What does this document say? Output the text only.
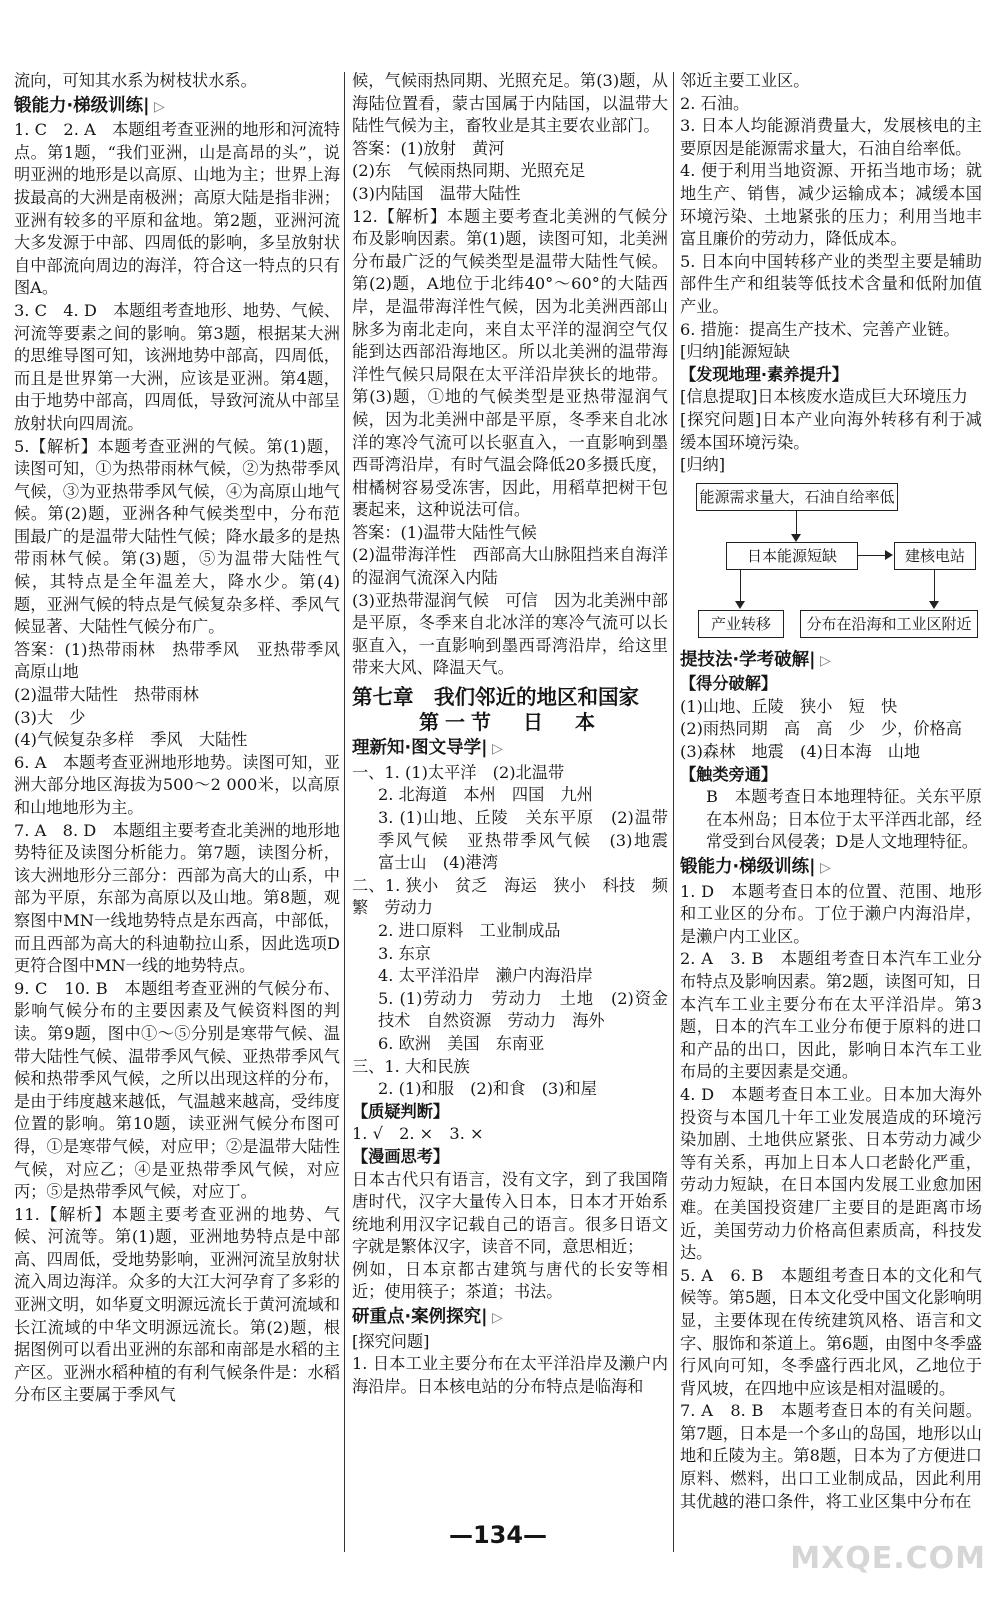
流向，可知其水系为树枝状水系。
锻能力·梯级训练| ▷
1. C　2. A　本题组考查亚洲的地形和河流特点。第1题，“我们亚洲，山是高昂的头”，说明亚洲的地形是以高原、山地为主；世界上海拔最高的大洲是南极洲；高原大陆是指非洲；亚洲有较多的平原和盆地。第2题，亚洲河流大多发源于中部、四周低的影响，多呈放射状自中部流向周边的海洋，符合这一特点的只有图A。
3. C　4. D　本题组考查地形、地势、气候、河流等要素之间的影响。第3题，根据某大洲的思维导图可知，该洲地势中部高，四周低，而且是世界第一大洲，应该是亚洲。第4题，由于地势中部高，四周低，导致河流从中部呈放射状向四周流。
5.【解析】本题考查亚洲的气候。第(1)题，读图可知，①为热带雨林气候，②为热带季风气候，③为亚热带季风气候，④为高原山地气候。第(2)题，亚洲各种气候类型中，分布范围最广的是温带大陆性气候；降水最多的是热带雨林气候。第(3)题，⑤为温带大陆性气候，其特点是全年温差大，降水少。第(4)题，亚洲气候的特点是气候复杂多样、季风气候显著、大陆性气候分布广。
答案：(1)热带雨林　热带季风　亚热带季风　高原山地
(2)温带大陆性　热带雨林
(3)大　少
(4)气候复杂多样　季风　大陆性
6. A　本题考查亚洲地形地势。读图可知，亚洲大部分地区海拔为500～2 000米，以高原和山地地形为主。
7. A　8. D　本题组主要考查北美洲的地形地势特征及读图分析能力。第7题，读图分析，该大洲地形分三部分：西部为高大的山系，中部为平原，东部为高原以及山地。第8题，观察图中MN一线地势特点是东西高，中部低，而且西部为高大的科迪勒拉山系，因此选项D更符合图中MN一线的地势特点。
9. C　10. B　本题组考查亚洲的气候分布、影响气候分布的主要因素及气候资料图的判读。第9题，图中①～⑤分别是寒带气候、温带大陆性气候、温带季风气候、亚热带季风气候和热带季风气候，之所以出现这样的分布，是由于纬度越来越低，气温越来越高，受纬度位置的影响。第10题，读亚洲气候分布图可得，①是寒带气候，对应甲；②是温带大陆性气候，对应乙；④是亚热带季风气候，对应丙；⑤是热带季风气候，对应丁。
11.【解析】本题主要考查亚洲的地势、气候、河流等。第(1)题，亚洲地势特点是中部高、四周低，受地势影响，亚洲河流呈放射状流入周边海洋。众多的大江大河孕育了多彩的亚洲文明，如华夏文明源远流长于黄河流域和长江流域的中华文明源远流长。第(2)题，根据图例可以看出亚洲的东部和南部是水稻的主产区。亚洲水稻种植的有利气候条件是：水稻分布区主要属于季风气
候，气候雨热同期、光照充足。第(3)题，从海陆位置看，蒙古国属于内陆国，以温带大陆性气候为主，畜牧业是其主要农业部门。
答案：(1)放射　黄河
(2)东　气候雨热同期、光照充足
(3)内陆国　温带大陆性
12.【解析】本题主要考查北美洲的气候分布及影响因素。第(1)题，读图可知，北美洲分布最广泛的气候类型是温带大陆性气候。第(2)题，A地位于北纬40°～60°的大陆西岸，是温带海洋性气候，因为北美洲西部山脉多为南北走向，来自太平洋的湿润空气仅能到达西部沿海地区。所以北美洲的温带海洋性气候只局限在太平洋沿岸狭长的地带。第(3)题，①地的气候类型是亚热带湿润气候，因为北美洲中部是平原，冬季来自北冰洋的寒冷气流可以长驱直入，一直影响到墨西哥湾沿岸，有时气温会降低20多摄氏度，柑橘树容易受冻害，因此，用稻草把树干包裹起来，这种说法可信。
答案：(1)温带大陆性气候
(2)温带海洋性　西部高大山脉阻挡来自海洋的湿润气流深入内陆
(3)亚热带湿润气候　可信　因为北美洲中部是平原，冬季来自北冰洋的寒冷气流可以长驱直入，一直影响到墨西哥湾沿岸，给这里带来大风、降温天气。
第七章　我们邻近的地区和国家
第一节　日　本
理新知·图文导学| ▷
一、1. (1)太平洋　(2)北温带
2. 北海道　本州　四国　九州
3. (1)山地、丘陵　关东平原　(2)温带季风气候　亚热带季风气候　(3)地震　富士山　(4)港湾
二、1. 狭小　贫乏　海运　狭小　科技　频繁　劳动力
2. 进口原料　工业制成品
3. 东京
4. 太平洋沿岸　濑户内海沿岸
5. (1)劳动力　劳动力　土地　(2)资金　技术　自然资源　劳动力　海外
6. 欧洲　美国　东南亚
三、1. 大和民族
2. (1)和服　(2)和食　(3)和屋
【质疑判断】
1. √　2. ×　3. ×
【漫画思考】
日本古代只有语言，没有文字，到了我国隋唐时代，汉字大量传入日本，日本才开始系统地利用汉字记载自己的语言。很多日语文字就是繁体汉字，读音不同，意思相近；
例如，日本京都古建筑与唐代的长安等相近；使用筷子；茶道；书法。
研重点·案例探究| ▷
[探究问题]
1. 日本工业主要分布在太平洋沿岸及濑户内海沿岸。日本核电站的分布特点是临海和
邻近主要工业区。
2. 石油。
3. 日本人均能源消费量大，发展核电的主要原因是能源需求量大，石油自给率低。
4. 便于利用当地资源、开拓当地市场；就地生产、销售，减少运输成本；减缓本国环境污染、土地紧张的压力；利用当地丰富且廉价的劳动力，降低成本。
5. 日本向中国转移产业的类型主要是辅助部件生产和组装等低技术含量和低附加值产业。
6. 措施：提高生产技术、完善产业链。
[归纳]能源短缺
【发现地理·素养提升】
[信息提取]日本核废水造成巨大环境压力
[探究问题]日本产业向海外转移有利于减缓本国环境污染。
[归纳]
能源需求量大，石油自给率低
日本能源短缺	建核电站
产业转移	分布在沿海和工业区附近
提技法·学考破解| ▷
【得分破解】
(1)山地、丘陵　狭小　短　快
(2)雨热同期　高　高　少　少，价格高
(3)森林　地震　(4)日本海　山地
【触类旁通】
B　本题考查日本地理特征。关东平原在本州岛；日本位于太平洋西北部，经常受到台风侵袭；D是人文地理特征。
锻能力·梯级训练| ▷
1. D　本题考查日本的位置、范围、地形和工业区的分布。丁位于濑户内海沿岸，是濑户内工业区。
2. A　3. B　本题组考查日本汽车工业分布特点及影响因素。第2题，读图可知，日本汽车工业主要分布在太平洋沿岸。第3题，日本的汽车工业分布便于原料的进口和产品的出口，因此，影响日本汽车工业布局的主要因素是交通。
4. D　本题考查日本工业。日本加大海外投资与本国几十年工业发展造成的环境污染加剧、土地供应紧张、日本劳动力减少等有关系，再加上日本人口老龄化严重，劳动力短缺，在日本国内发展工业愈加困难。在美国投资建厂主要目的是距离市场近，美国劳动力价格高但素质高，科技发达。
5. A　6. B　本题组考查日本的文化和气候等。第5题，日本文化受中国文化影响明显，主要体现在传统建筑风格、语言和文字、服饰和茶道上。第6题，由图中冬季盛行风向可知，冬季盛行西北风，乙地位于背风坡，在四地中应该是相对温暖的。
7. A　8. B　本题考查日本的有关问题。第7题，日本是一个多山的岛国，地形以山地和丘陵为主。第8题，日本为了方便进口原料、燃料，出口工业制成品，因此利用其优越的港口条件，将工业区集中分布在
—134—
MXQE.COM
